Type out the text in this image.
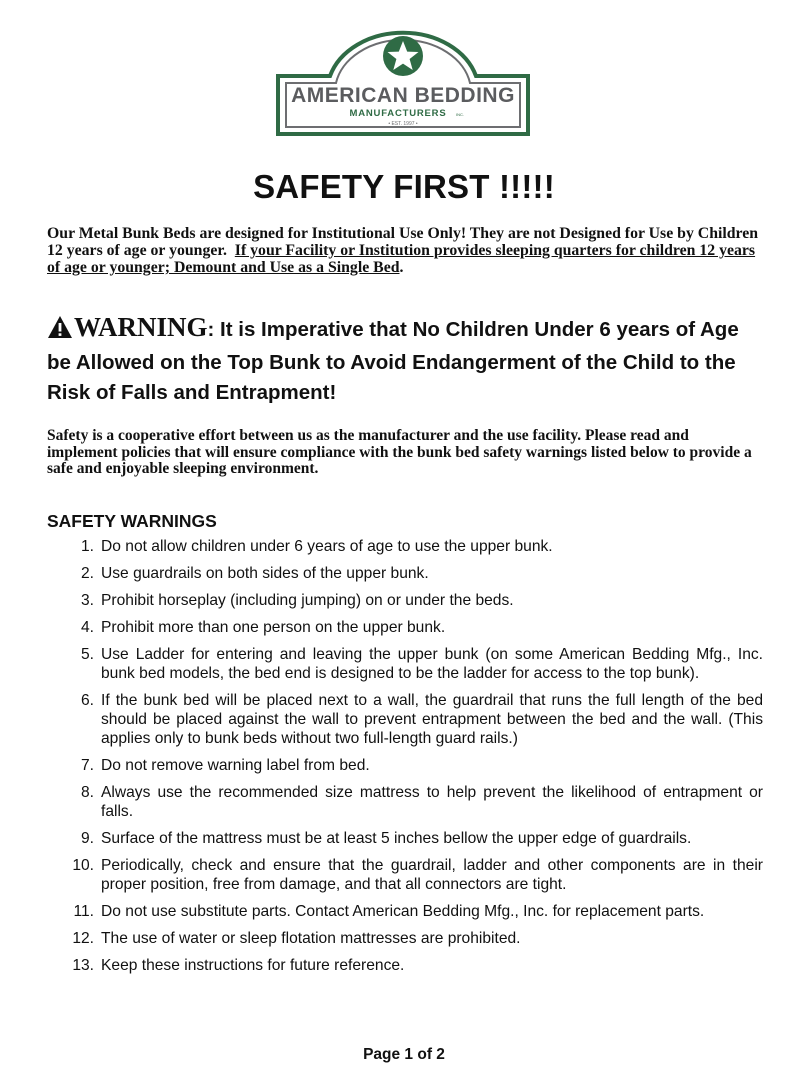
AMERICAN BEDDING
MANUFACTURERS INC.
• EST. 1997 •
SAFETY FIRST !!!!!
Our Metal Bunk Beds are designed for Institutional Use Only! They are not Designed for Use by Children 12 years of age or younger. If your Facility or Institution provides sleeping quarters for children 12 years of age or younger; Demount and Use as a Single Bed.
WARNING: It is Imperative that No Children Under 6 years of Age be Allowed on the Top Bunk to Avoid Endangerment of the Child to the Risk of Falls and Entrapment!
Safety is a cooperative effort between us as the manufacturer and the use facility. Please read and implement policies that will ensure compliance with the bunk bed safety warnings listed below to provide a safe and enjoyable sleeping environment.
SAFETY WARNINGS
1. Do not allow children under 6 years of age to use the upper bunk.
2. Use guardrails on both sides of the upper bunk.
3. Prohibit horseplay (including jumping) on or under the beds.
4. Prohibit more than one person on the upper bunk.
5. Use Ladder for entering and leaving the upper bunk (on some American Bedding Mfg., Inc. bunk bed models, the bed end is designed to be the ladder for access to the top bunk).
6. If the bunk bed will be placed next to a wall, the guardrail that runs the full length of the bed should be placed against the wall to prevent entrapment between the bed and the wall. (This applies only to bunk beds without two full-length guard rails.)
7. Do not remove warning label from bed.
8. Always use the recommended size mattress to help prevent the likelihood of entrapment or falls.
9. Surface of the mattress must be at least 5 inches bellow the upper edge of guardrails.
10. Periodically, check and ensure that the guardrail, ladder and other components are in their proper position, free from damage, and that all connectors are tight.
11. Do not use substitute parts. Contact American Bedding Mfg., Inc. for replacement parts.
12. The use of water or sleep flotation mattresses are prohibited.
13. Keep these instructions for future reference.
Page 1 of 2
